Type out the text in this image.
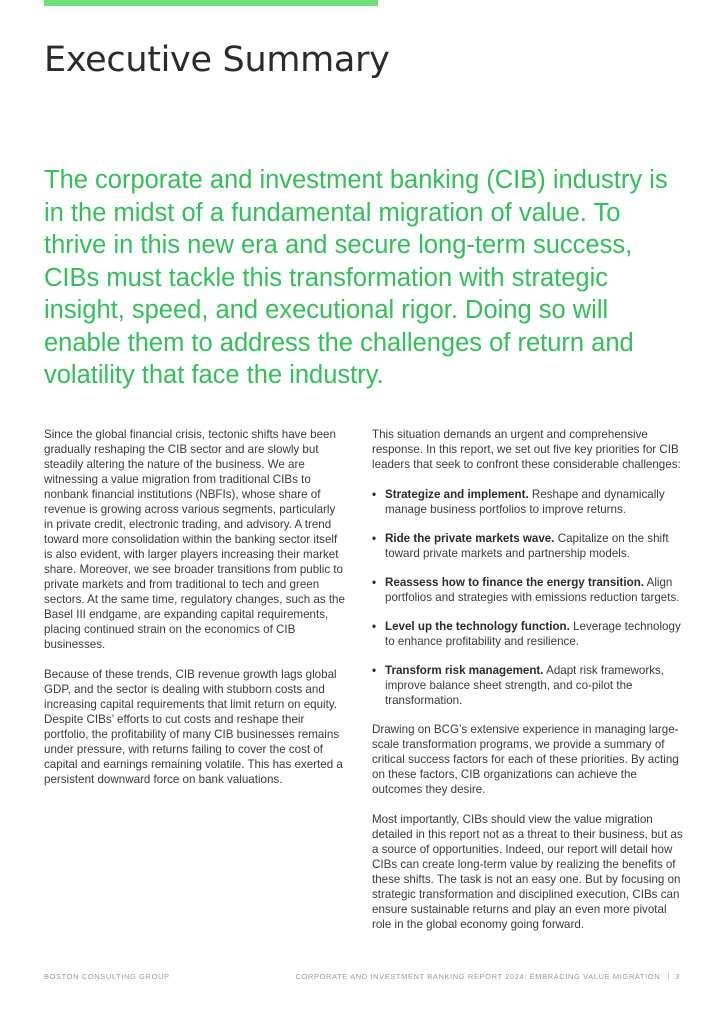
Executive Summary

The corporate and investment banking (CIB) industry is in the midst of a fundamental migration of value. To thrive in this new era and secure long-term success, CIBs must tackle this transformation with strategic insight, speed, and executional rigor. Doing so will enable them to address the challenges of return and volatility that face the industry.

Since the global financial crisis, tectonic shifts have been gradually reshaping the CIB sector and are slowly but steadily altering the nature of the business. We are witnessing a value migration from traditional CIBs to nonbank financial institutions (NBFIs), whose share of revenue is growing across various segments, particularly in private credit, electronic trading, and advisory. A trend toward more consolidation within the banking sector itself is also evident, with larger players increasing their market share. Moreover, we see broader transitions from public to private markets and from traditional to tech and green sectors. At the same time, regulatory changes, such as the Basel III endgame, are expanding capital requirements, placing continued strain on the economics of CIB businesses.

Because of these trends, CIB revenue growth lags global GDP, and the sector is dealing with stubborn costs and increasing capital requirements that limit return on equity. Despite CIBs’ efforts to cut costs and reshape their portfolio, the profitability of many CIB businesses remains under pressure, with returns failing to cover the cost of capital and earnings remaining volatile. This has exerted a persistent downward force on bank valuations.

This situation demands an urgent and comprehensive response. In this report, we set out five key priorities for CIB leaders that seek to confront these considerable challenges:

• Strategize and implement. Reshape and dynamically manage business portfolios to improve returns.
• Ride the private markets wave. Capitalize on the shift toward private markets and partnership models.
• Reassess how to finance the energy transition. Align portfolios and strategies with emissions reduction targets.
• Level up the technology function. Leverage technology to enhance profitability and resilience.
• Transform risk management. Adapt risk frameworks, improve balance sheet strength, and co-pilot the transformation.

Drawing on BCG’s extensive experience in managing large-scale transformation programs, we provide a summary of critical success factors for each of these priorities. By acting on these factors, CIB organizations can achieve the outcomes they desire.

Most importantly, CIBs should view the value migration detailed in this report not as a threat to their business, but as a source of opportunities. Indeed, our report will detail how CIBs can create long-term value by realizing the benefits of these shifts. The task is not an easy one. But by focusing on strategic transformation and disciplined execution, CIBs can ensure sustainable returns and play an even more pivotal role in the global economy going forward.

BOSTON CONSULTING GROUP	CORPORATE AND INVESTMENT BANKING REPORT 2024: EMBRACING VALUE MIGRATION 3
